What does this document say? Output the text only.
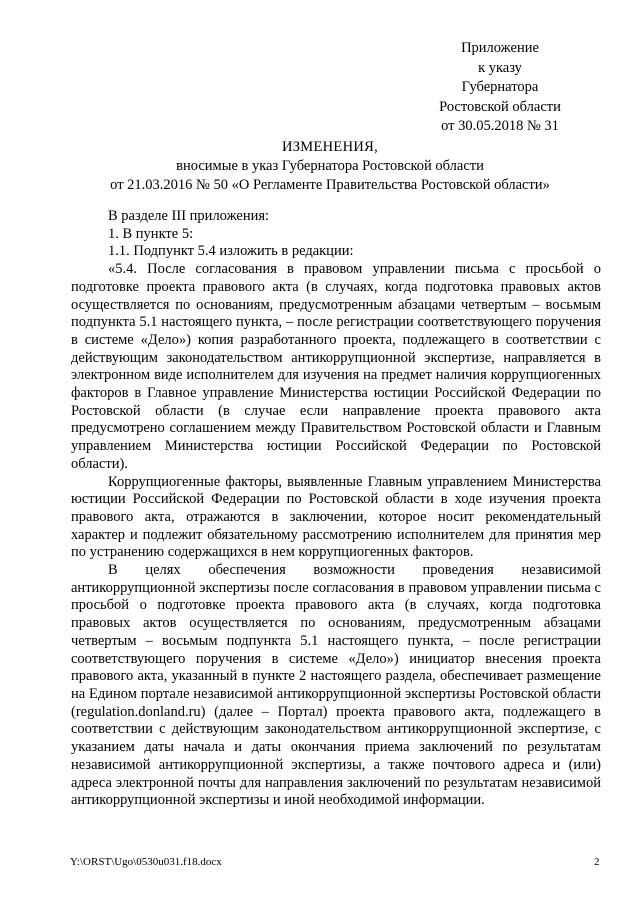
Приложение
к указу
Губернатора
Ростовской области
от 30.05.2018 № 31
ИЗМЕНЕНИЯ,
вносимые в указ Губернатора Ростовской области
от 21.03.2016 № 50 «О Регламенте Правительства Ростовской области»

В разделе III приложения:

1. В пункте 5:

1.1. Подпункт 5.4 изложить в редакции:

«5.4. После согласования в правовом управлении письма с просьбой о подготовке проекта правового акта (в случаях, когда подготовка правовых актов осуществляется по основаниям, предусмотренным абзацами четвертым – восьмым подпункта 5.1 настоящего пункта, – после регистрации соответствующего поручения в системе «Дело») копия разработанного проекта, подлежащего в соответствии с действующим законодательством антикоррупционной экспертизе, направляется в электронном виде исполнителем для изучения на предмет наличия коррупциогенных факторов в Главное управление Министерства юстиции Российской Федерации по Ростовской области (в случае если направление проекта правового акта предусмотрено соглашением между Правительством Ростовской области и Главным управлением Министерства юстиции Российской Федерации по Ростовской области).

Коррупциогенные факторы, выявленные Главным управлением Министерства юстиции Российской Федерации по Ростовской области в ходе изучения проекта правового акта, отражаются в заключении, которое носит рекомендательный характер и подлежит обязательному рассмотрению исполнителем для принятия мер по устранению содержащихся в нем коррупциогенных факторов.

В целях обеспечения возможности проведения независимой антикоррупционной экспертизы после согласования в правовом управлении письма с просьбой о подготовке проекта правового акта (в случаях, когда подготовка правовых актов осуществляется по основаниям, предусмотренным абзацами четвертым – восьмым подпункта 5.1 настоящего пункта, – после регистрации соответствующего поручения в системе «Дело») инициатор внесения проекта правового акта, указанный в пункте 2 настоящего раздела, обеспечивает размещение на Едином портале независимой антикоррупционной экспертизы Ростовской области (regulation.donland.ru) (далее – Портал) проекта правового акта, подлежащего в соответствии с действующим законодательством антикоррупционной экспертизе, с указанием даты начала и даты окончания приема заключений по результатам независимой антикоррупционной экспертизы, а также почтового адреса и (или) адреса электронной почты для направления заключений по результатам независимой антикоррупционной экспертизы и иной необходимой информации.

Y:\ORST\Ugo\0530u031.f18.docx	2
